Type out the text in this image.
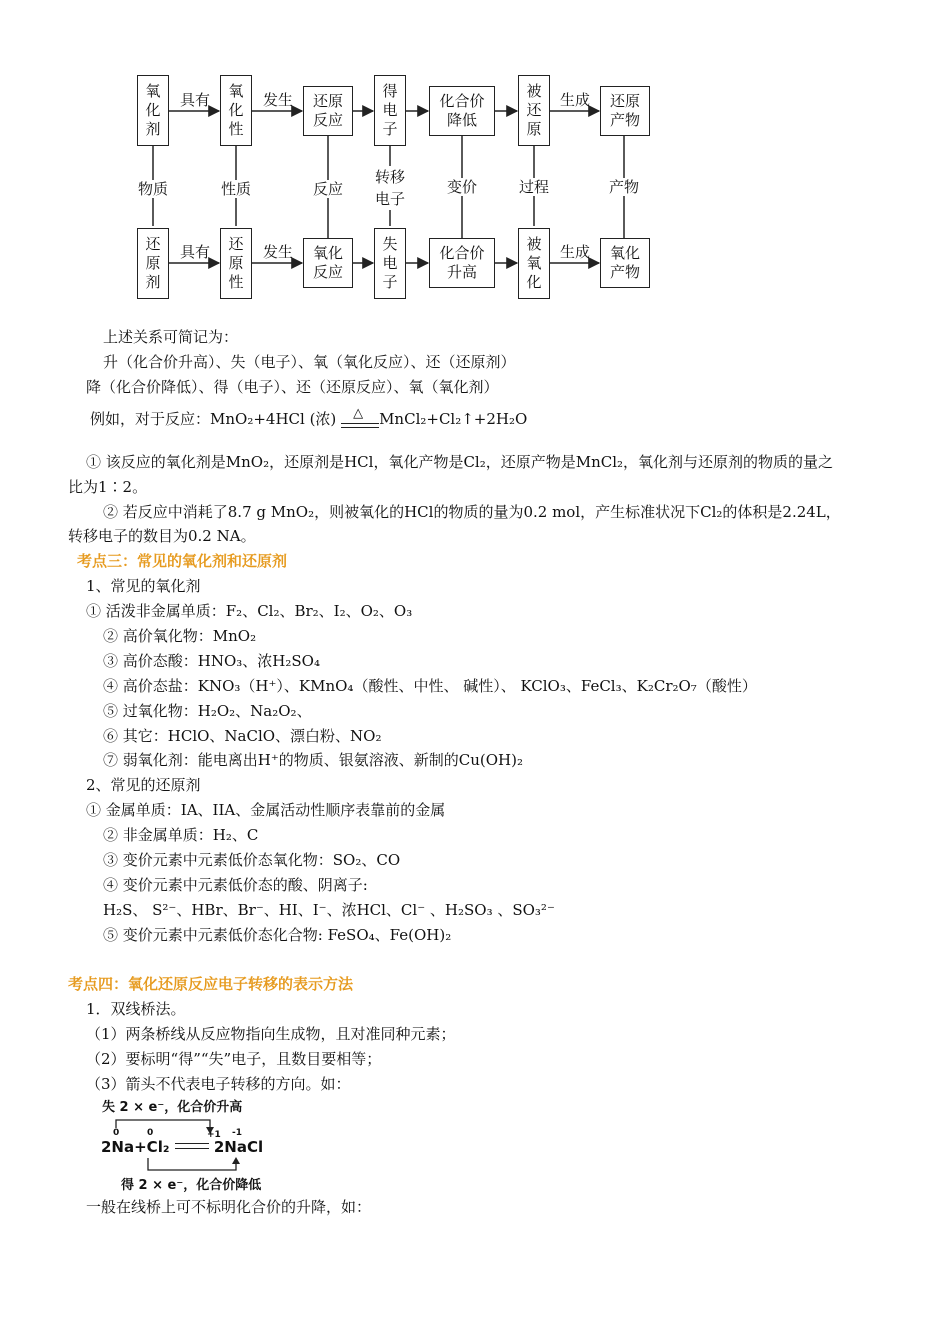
氧
化
剂
氧
化
性
还原
反应
得
电
子
化合价
降低
被
还
原
还原
产物
还
原
剂
还
原
性
氧化
反应
失
电
子
化合价
升高
被
氧
化
氧化
产物
具有	发生	生成
具有	发生	生成
物质	性质	反应
转移
电子
变价	过程	产物
上述关系可简记为：
升（化合价升高）、失（电子）、氧（氧化反应）、还（还原剂）
降（化合价降低）、得（电子）、还（还原反应）、氧（氧化剂）
例如，对于反应：MnO₂+4HCl (浓) △ MnCl₂+Cl₂↑+2H₂O
① 该反应的氧化剂是MnO₂，还原剂是HCl，氧化产物是Cl₂，还原产物是MnCl₂，氧化剂与还原剂的物质的量之
比为1∶2。
② 若反应中消耗了8.7 g MnO₂，则被氧化的HCl的物质的量为0.2 mol，产生标准状况下Cl₂的体积是2.24L，
转移电子的数目为0.2 NA。
考点三：常见的氧化剂和还原剂
1、常见的氧化剂
① 活泼非金属单质：F₂、Cl₂、Br₂、I₂、O₂、O₃
② 高价氧化物：MnO₂
③ 高价态酸：HNO₃、浓H₂SO₄
④ 高价态盐：KNO₃（H⁺）、KMnO₄（酸性、中性、 碱性）、 KClO₃、FeCl₃、K₂Cr₂O₇（酸性）
⑤ 过氧化物：H₂O₂、Na₂O₂、
⑥ 其它：HClO、NaClO、漂白粉、NO₂
⑦ 弱氧化剂：能电离出H⁺的物质、银氨溶液、新制的Cu(OH)₂
2、常见的还原剂
① 金属单质：IA、IIA、金属活动性顺序表靠前的金属
② 非金属单质：H₂、C
③ 变价元素中元素低价态氧化物：SO₂、CO
④ 变价元素中元素低价态的酸、阴离子:
H₂S、 S²⁻、HBr、Br⁻、HI、I⁻、浓HCl、Cl⁻ 、H₂SO₃ 、SO₃²⁻
⑤ 变价元素中元素低价态化合物: FeSO₄、Fe(OH)₂
考点四：氧化还原反应电子转移的表示方法
1．双线桥法。
（1）两条桥线从反应物指向生成物，且对准同种元素；
（2）要标明“得”“失”电子，且数目要相等；
（3）箭头不代表电子转移的方向。如：
失 2 × e⁻，化合价升高
0	0	+1 -1
2Na+Cl₂	2NaCl
得 2 × e⁻，化合价降低
一般在线桥上可不标明化合价的升降，如：
